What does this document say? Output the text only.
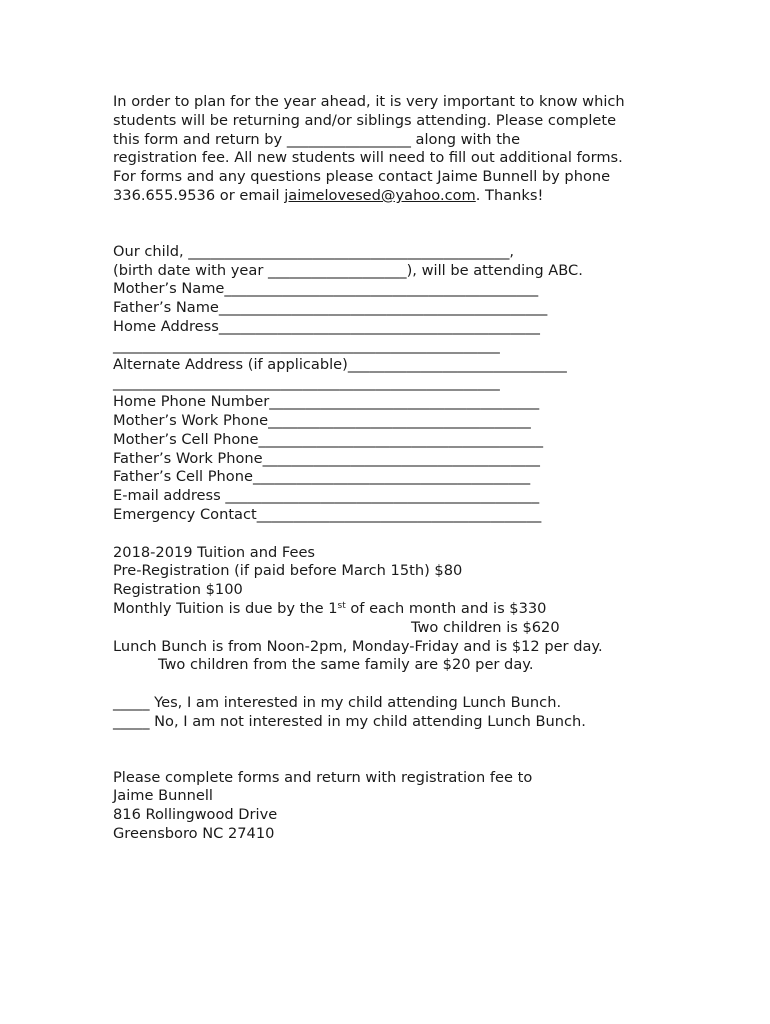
In order to plan for the year ahead, it is very important to know which
students will be returning and/or siblings attending. Please complete
this form and return by _________________ along with the
registration fee. All new students will need to fill out additional forms.
For forms and any questions please contact Jaime Bunnell by phone
336.655.9536 or email jaimelovesed@yahoo.com. Thanks!
Our child, ____________________________________________,
(birth date with year ___________________), will be attending ABC.
Mother’s Name___________________________________________
Father’s Name_____________________________________________
Home Address____________________________________________
_____________________________________________________
Alternate Address (if applicable)______________________________
_____________________________________________________
Home Phone Number_____________________________________
Mother’s Work Phone____________________________________
Mother’s Cell Phone_______________________________________
Father’s Work Phone______________________________________
Father’s Cell Phone______________________________________
E-mail address ___________________________________________
Emergency Contact_______________________________________
2018-2019 Tuition and Fees
Pre-Registration (if paid before March 15th) $80
Registration $100
Monthly Tuition is due by the 1st of each month and is $330
Two children is $620
Lunch Bunch is from Noon-2pm, Monday-Friday and is $12 per day.
Two children from the same family are $20 per day.
_____ Yes, I am interested in my child attending Lunch Bunch.
_____ No, I am not interested in my child attending Lunch Bunch.
Please complete forms and return with registration fee to
Jaime Bunnell
816 Rollingwood Drive
Greensboro NC 27410
